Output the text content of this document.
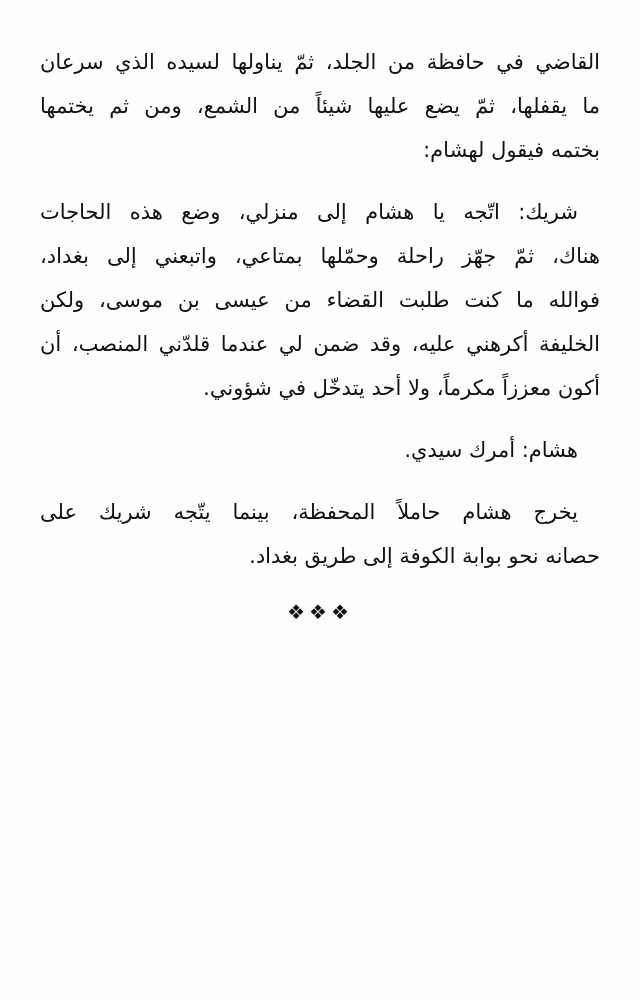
القاضي في حافظة من الجلد، ثمّ يناولها لسيده الذي سرعان
ما يقفلها، ثمّ يضع عليها شيئاً من الشمع، ومن ثم يختمها
بختمه فيقول لهشام:

شريك: اتّجه يا هشام إلى منزلي، وضع هذه الحاجات
هناك، ثمّ جهّز راحلة وحمّلها بمتاعي، واتبعني إلى بغداد،
فوالله ما كنت طلبت القضاء من عيسى بن موسى، ولكن
الخليفة أكرهني عليه، وقد ضمن لي عندما قلدّني المنصب، أن
أكون معززاً مكرماً، ولا أحد يتدخّل في شؤوني.

هشام: أمرك سيدي.

يخرج هشام حاملاً المحفظة، بينما يتّجه شريك على
حصانه نحو بوابة الكوفة إلى طريق بغداد.

❖❖❖
